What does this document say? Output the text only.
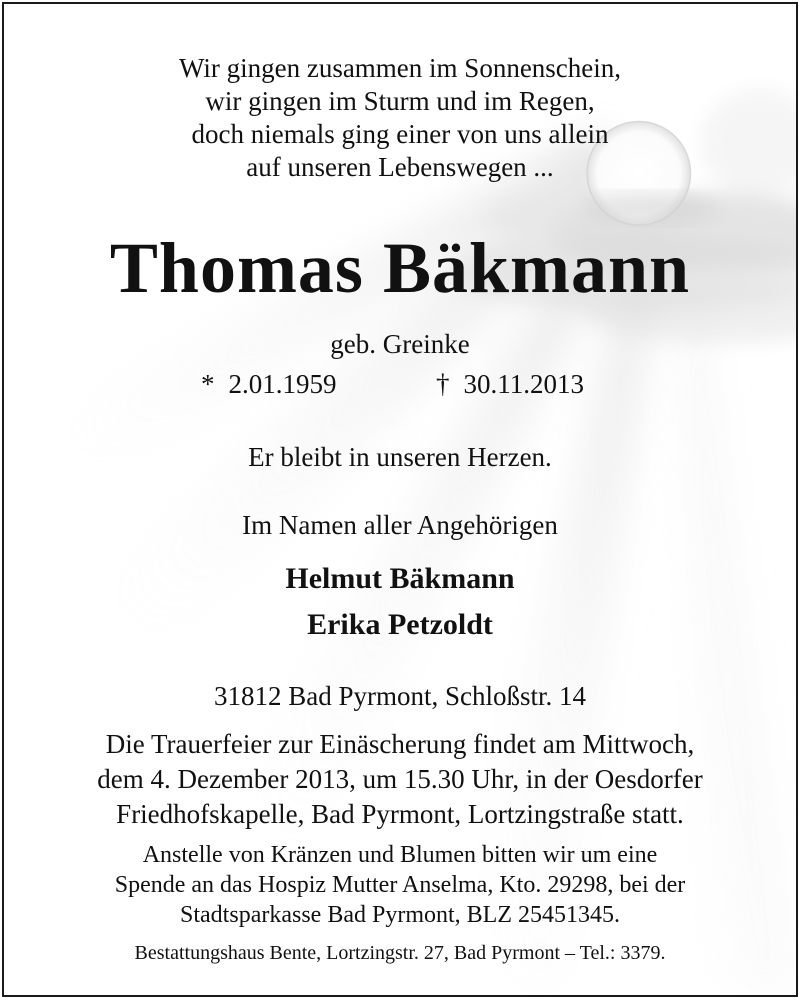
Wir gingen zusammen im Sonnenschein,
wir gingen im Sturm und im Regen,
doch niemals ging einer von uns allein
auf unseren Lebenswegen ...
Thomas Bäkmann
geb. Greinke
* 2.01.1959	† 30.11.2013
Er bleibt in unseren Herzen.
Im Namen aller Angehörigen
Helmut Bäkmann
Erika Petzoldt
31812 Bad Pyrmont, Schloßstr. 14
Die Trauerfeier zur Einäscherung findet am Mittwoch,
dem 4. Dezember 2013, um 15.30 Uhr, in der Oesdorfer
Friedhofskapelle, Bad Pyrmont, Lortzingstraße statt.
Anstelle von Kränzen und Blumen bitten wir um eine
Spende an das Hospiz Mutter Anselma, Kto. 29298, bei der
Stadtsparkasse Bad Pyrmont, BLZ 25451345.
Bestattungshaus Bente, Lortzingstr. 27, Bad Pyrmont – Tel.: 3379.
